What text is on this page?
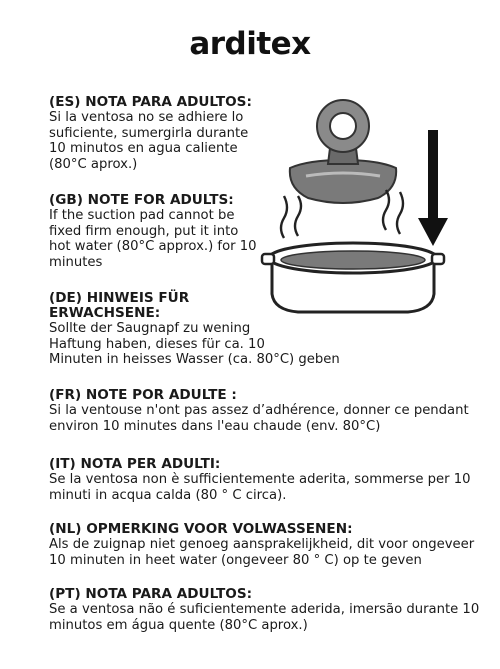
arditex
(ES) NOTA PARA ADULTOS:

Si la ventosa no se adhiere lo
suficiente, sumergirla durante
10 minutos en agua caliente
(80°C aprox.)

(GB) NOTE FOR ADULTS:

If the suction pad cannot be
fixed firm enough, put it into
hot water (80°C approx.) for 10
minutes

(DE) HINWEIS FÜR
ERWACHSENE:

Sollte der Saugnapf zu wening
Haftung haben, dieses für ca. 10
Minuten in heisses Wasser (ca. 80°C) geben

(FR) NOTE POR ADULTE :

Si la ventouse n'ont pas assez d’adhérence, donner ce pendant
environ 10 minutes dans l'eau chaude (env. 80°C)

(IT) NOTA PER ADULTI:

Se la ventosa non è sufficientemente aderita, sommerse per 10
minuti in acqua calda (80 ° C circa).

(NL) OPMERKING VOOR VOLWASSENEN:

Als de zuignap niet genoeg aansprakelijkheid, dit voor ongeveer
10 minuten in heet water (ongeveer 80 ° C) op te geven

(PT) NOTA PARA ADULTOS:

Se a ventosa não é suficientemente aderida, imersão durante 10
minutos em água quente (80°C aprox.)
